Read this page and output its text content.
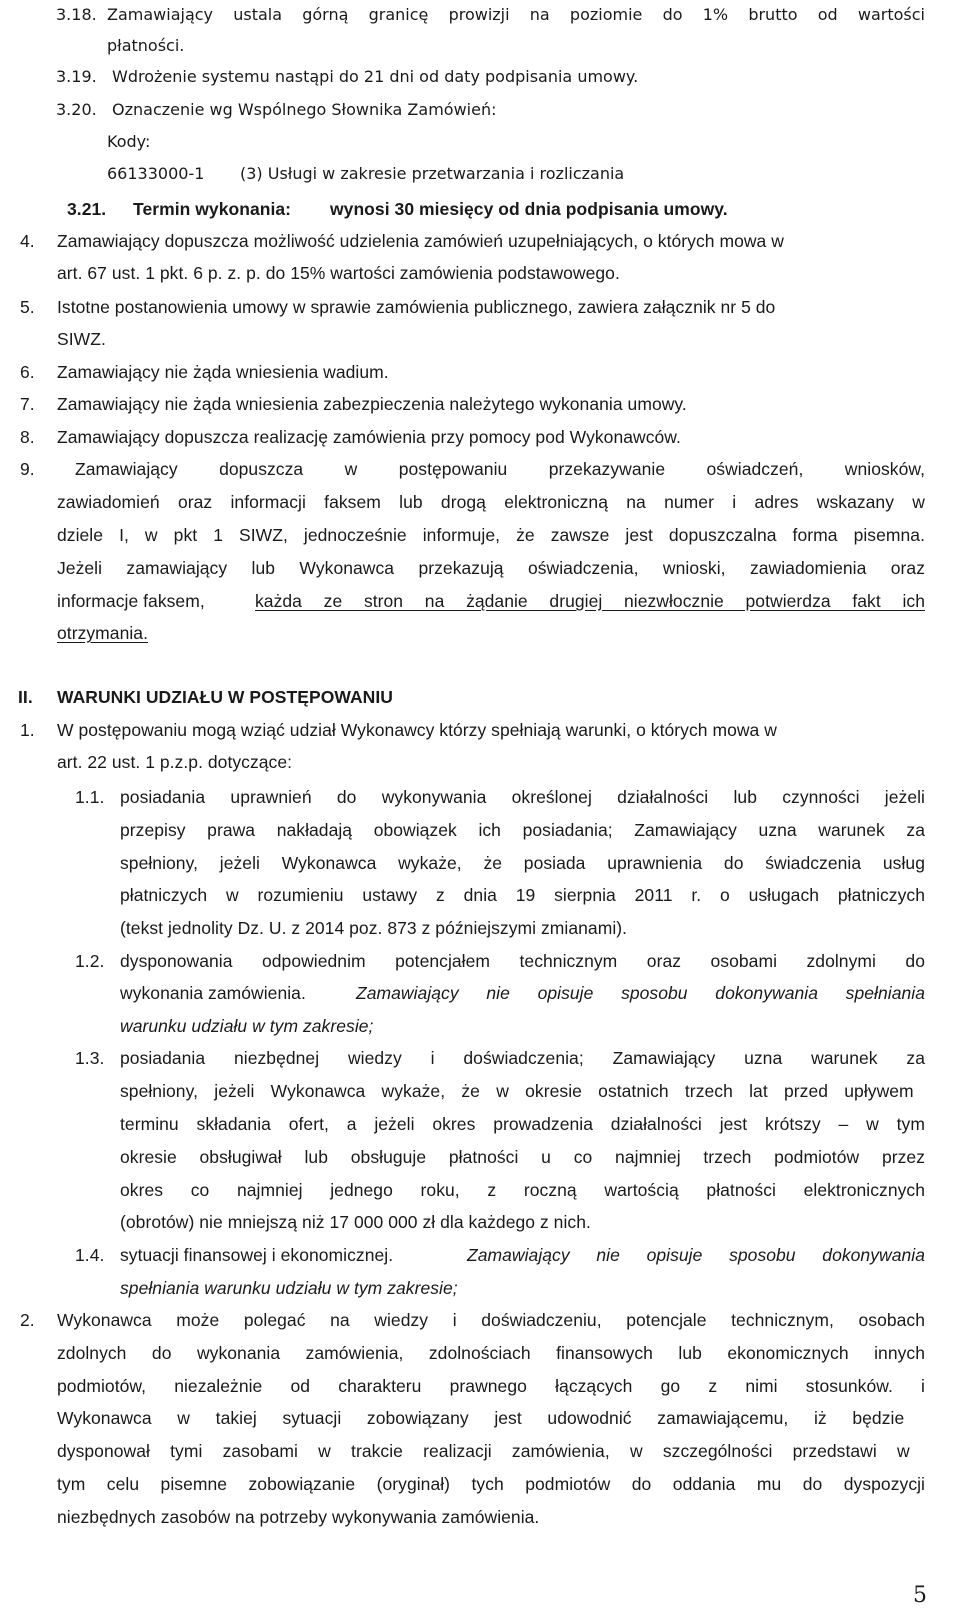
3.18. Zamawiający ustala górną granicę prowizji na poziomie do 1% brutto od wartości
płatności.
3.19. Wdrożenie systemu nastąpi do 21 dni od daty podpisania umowy.
3.20. Oznaczenie wg Wspólnego Słownika Zamówień:
Kody:
66133000-1 (3) Usługi w zakresie przetwarzania i rozliczania
3.21. Termin wykonania: wynosi 30 miesięcy od dnia podpisania umowy.
4. Zamawiający dopuszcza możliwość udzielenia zamówień uzupełniających, o których mowa w
art. 67 ust. 1 pkt. 6 p. z. p. do 15% wartości zamówienia podstawowego.
5. Istotne postanowienia umowy w sprawie zamówienia publicznego, zawiera załącznik nr 5 do
SIWZ.
6. Zamawiający nie żąda wniesienia wadium.
7. Zamawiający nie żąda wniesienia zabezpieczenia należytego wykonania umowy.
8. Zamawiający dopuszcza realizację zamówienia przy pomocy pod Wykonawców.
9. Zamawiający dopuszcza w postępowaniu przekazywanie oświadczeń, wniosków,
zawiadomień oraz informacji faksem lub drogą elektroniczną na numer i adres wskazany w
dziele I, w pkt 1 SIWZ, jednocześnie informuje, że zawsze jest dopuszczalna forma pisemna.
Jeżeli zamawiający lub Wykonawca przekazują oświadczenia, wnioski, zawiadomienia oraz
informacje faksem,	każda ze stron na żądanie drugiej niezwłocznie potwierdza fakt ich
otrzymania.
II. WARUNKI UDZIAŁU W POSTĘPOWANIU
1. W postępowaniu mogą wziąć udział Wykonawcy którzy spełniają warunki, o których mowa w
art. 22 ust. 1 p.z.p. dotyczące:
1.1. posiadania uprawnień do wykonywania określonej działalności lub czynności jeżeli
przepisy prawa nakładają obowiązek ich posiadania; Zamawiający uzna warunek za
spełniony, jeżeli Wykonawca wykaże, że posiada uprawnienia do świadczenia usług
płatniczych w rozumieniu ustawy z dnia 19 sierpnia 2011 r. o usługach płatniczych
(tekst jednolity Dz. U. z 2014 poz. 873 z późniejszymi zmianami).
1.2. dysponowania odpowiednim potencjałem technicznym oraz osobami zdolnymi do
wykonania zamówienia.	Zamawiający nie opisuje sposobu dokonywania spełniania
warunku udziału w tym zakresie;
1.3. posiadania niezbędnej wiedzy i doświadczenia; Zamawiający uzna warunek za
spełniony, jeżeli Wykonawca wykaże, że w okresie ostatnich trzech lat przed upływem
terminu składania ofert, a jeżeli okres prowadzenia działalności jest krótszy – w tym
okresie obsługiwał lub obsługuje płatności u co najmniej trzech podmiotów przez
okres co najmniej jednego roku, z roczną wartością płatności elektronicznych
(obrotów) nie mniejszą niż 17 000 000 zł dla każdego z nich.
1.4. sytuacji finansowej i ekonomicznej.	Zamawiający nie opisuje sposobu dokonywania
spełniania warunku udziału w tym zakresie;
2. Wykonawca może polegać na wiedzy i doświadczeniu, potencjale technicznym, osobach
zdolnych do wykonania zamówienia, zdolnościach finansowych lub ekonomicznych innych
podmiotów, niezależnie od charakteru prawnego łączących go z nimi stosunków. i
Wykonawca w takiej sytuacji zobowiązany jest udowodnić zamawiającemu, iż będzie
dysponował tymi zasobami w trakcie realizacji zamówienia, w szczególności przedstawi w
tym celu pisemne zobowiązanie (oryginał) tych podmiotów do oddania mu do dyspozycji
niezbędnych zasobów na potrzeby wykonywania zamówienia.
5
